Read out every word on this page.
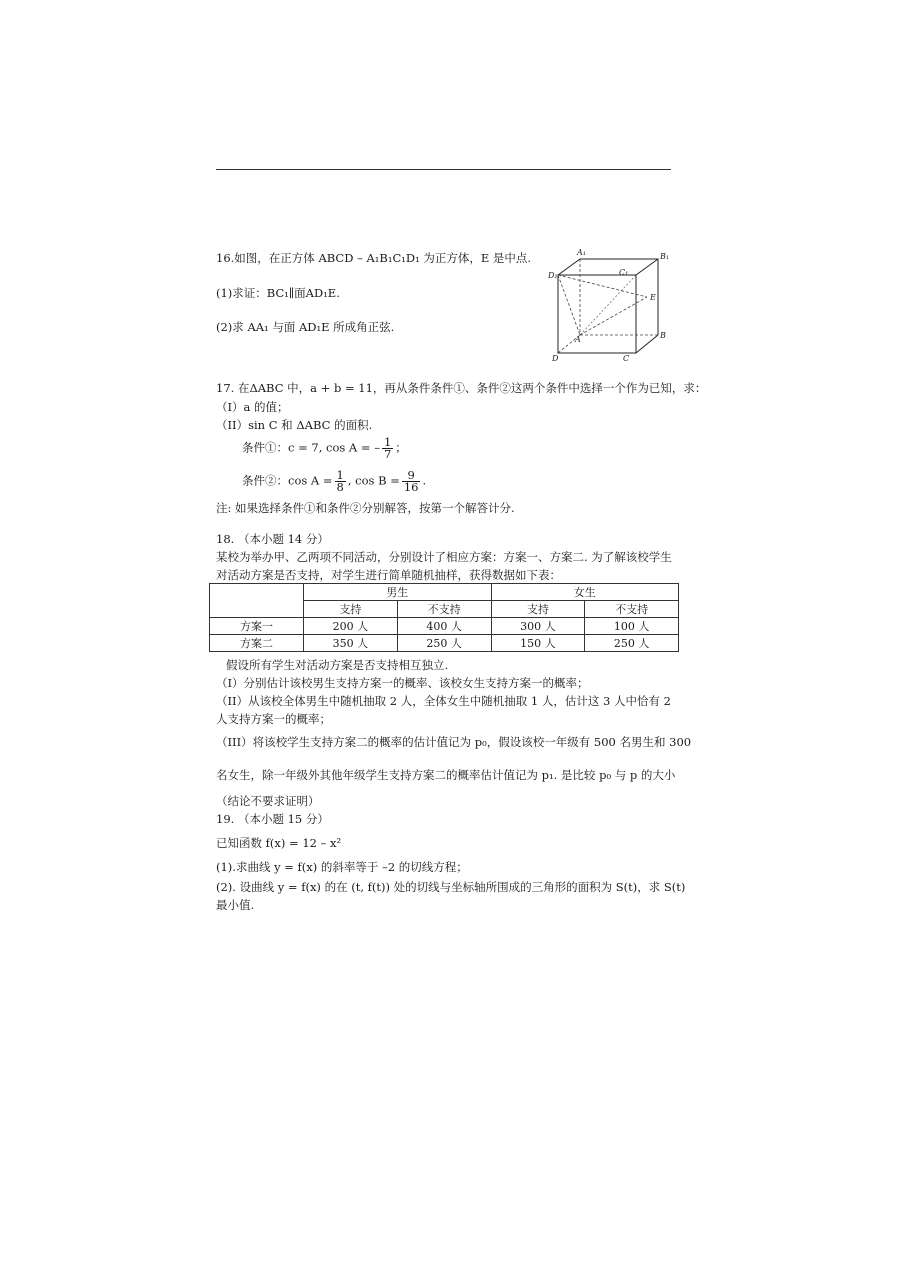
16.如图，在正方体 ABCD – A₁B₁C₁D₁ 为正方体，E 是中点.
(1)求证：BC₁∥面AD₁E.
(2)求 AA₁ 与面 AD₁E 所成角正弦.
A₁	B₁
C₁
D₁
E
A	B
C
D
17. 在ΔABC 中，a + b = 11，再从条件条件①、条件②这两个条件中选择一个作为已知，求：
（I）a 的值；
（II）sin C 和 ΔABC 的面积.
条件①：c = 7, cos A = – $\frac{1}{7}$ ；
条件②：$\cos A = \frac{1}{8}$ , $\cos B = \frac{9}{16}$ .
注: 如果选择条件①和条件②分别解答，按第一个解答计分.
18. （本小题 14 分）
某校为举办甲、乙两项不同活动，分别设计了相应方案：方案一、方案二. 为了解该校学生
对活动方案是否支持，对学生进行简单随机抽样，获得数据如下表：
	男生		女生	
	支持	不支持	支持	不支持
方案一	200 人	400 人	300 人	100 人
方案二	350 人	250 人	150 人	250 人
假设所有学生对活动方案是否支持相互独立.
（I）分别估计该校男生支持方案一的概率、该校女生支持方案一的概率；
（II）从该校全体男生中随机抽取 2 人，全体女生中随机抽取 1 人，估计这 3 人中恰有 2
人支持方案一的概率；
（III）将该校学生支持方案二的概率的估计值记为 p₀，假设该校一年级有 500 名男生和 300
名女生，除一年级外其他年级学生支持方案二的概率估计值记为 p₁. 是比较 p₀ 与 p 的大小
（结论不要求证明）
19. （本小题 15 分）
已知函数 f(x) = 12 – x²
(1).求曲线 y = f(x) 的斜率等于 –2 的切线方程；
(2). 设曲线 y = f(x) 的在 (t, f(t)) 处的切线与坐标轴所围成的三角形的面积为 S(t)，求 S(t)
最小值.
